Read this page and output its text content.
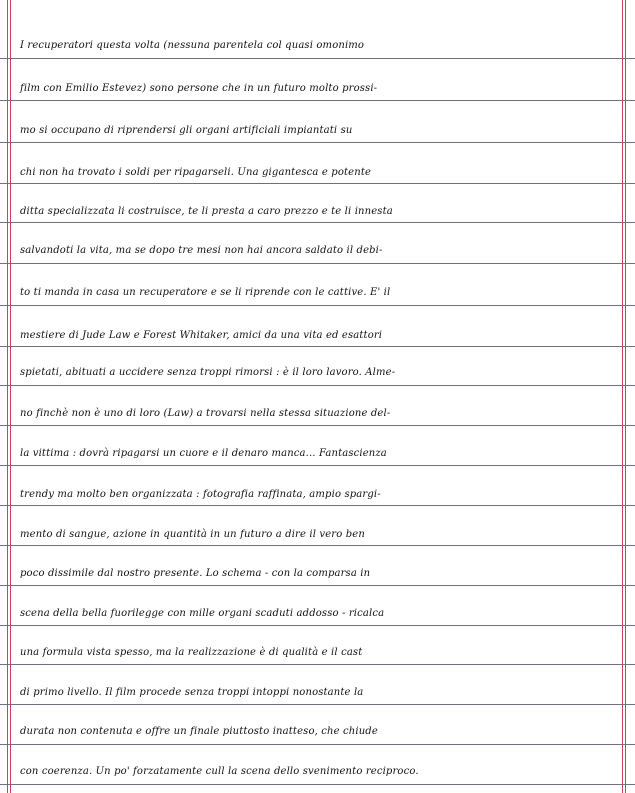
I recuperatori questa volta (nessuna parentela col quasi omonimo
film con Emilio Estevez) sono persone che in un futuro molto prossi-
mo si occupano di riprendersi gli organi artificiali impiantati su
chi non ha trovato i soldi per ripagarseli. Una gigantesca e potente
ditta specializzata li costruisce, te li presta a caro prezzo e te li innesta
salvandoti la vita, ma se dopo tre mesi non hai ancora saldato il debi-
to ti manda in casa un recuperatore e se li riprende con le cattive. E' il
mestiere di Jude Law e Forest Whitaker, amici da una vita ed esattori
spietati, abituati a uccidere senza troppi rimorsi : è il loro lavoro. Alme-
no finchè non è uno di loro (Law) a trovarsi nella stessa situazione del-
la vittima : dovrà ripagarsi un cuore e il denaro manca... Fantascienza
trendy ma molto ben organizzata : fotografia raffinata, ampio spargi-
mento di sangue, azione in quantità in un futuro a dire il vero ben
poco dissimile dal nostro presente. Lo schema - con la comparsa in
scena della bella fuorilegge con mille organi scaduti addosso - ricalca
una formula vista spesso, ma la realizzazione è di qualità e il cast
di primo livello. Il film procede senza troppi intoppi nonostante la
durata non contenuta e offre un finale piuttosto inatteso, che chiude
con coerenza. Un po' forzatamente cull la scena dello svenimento reciproco.
